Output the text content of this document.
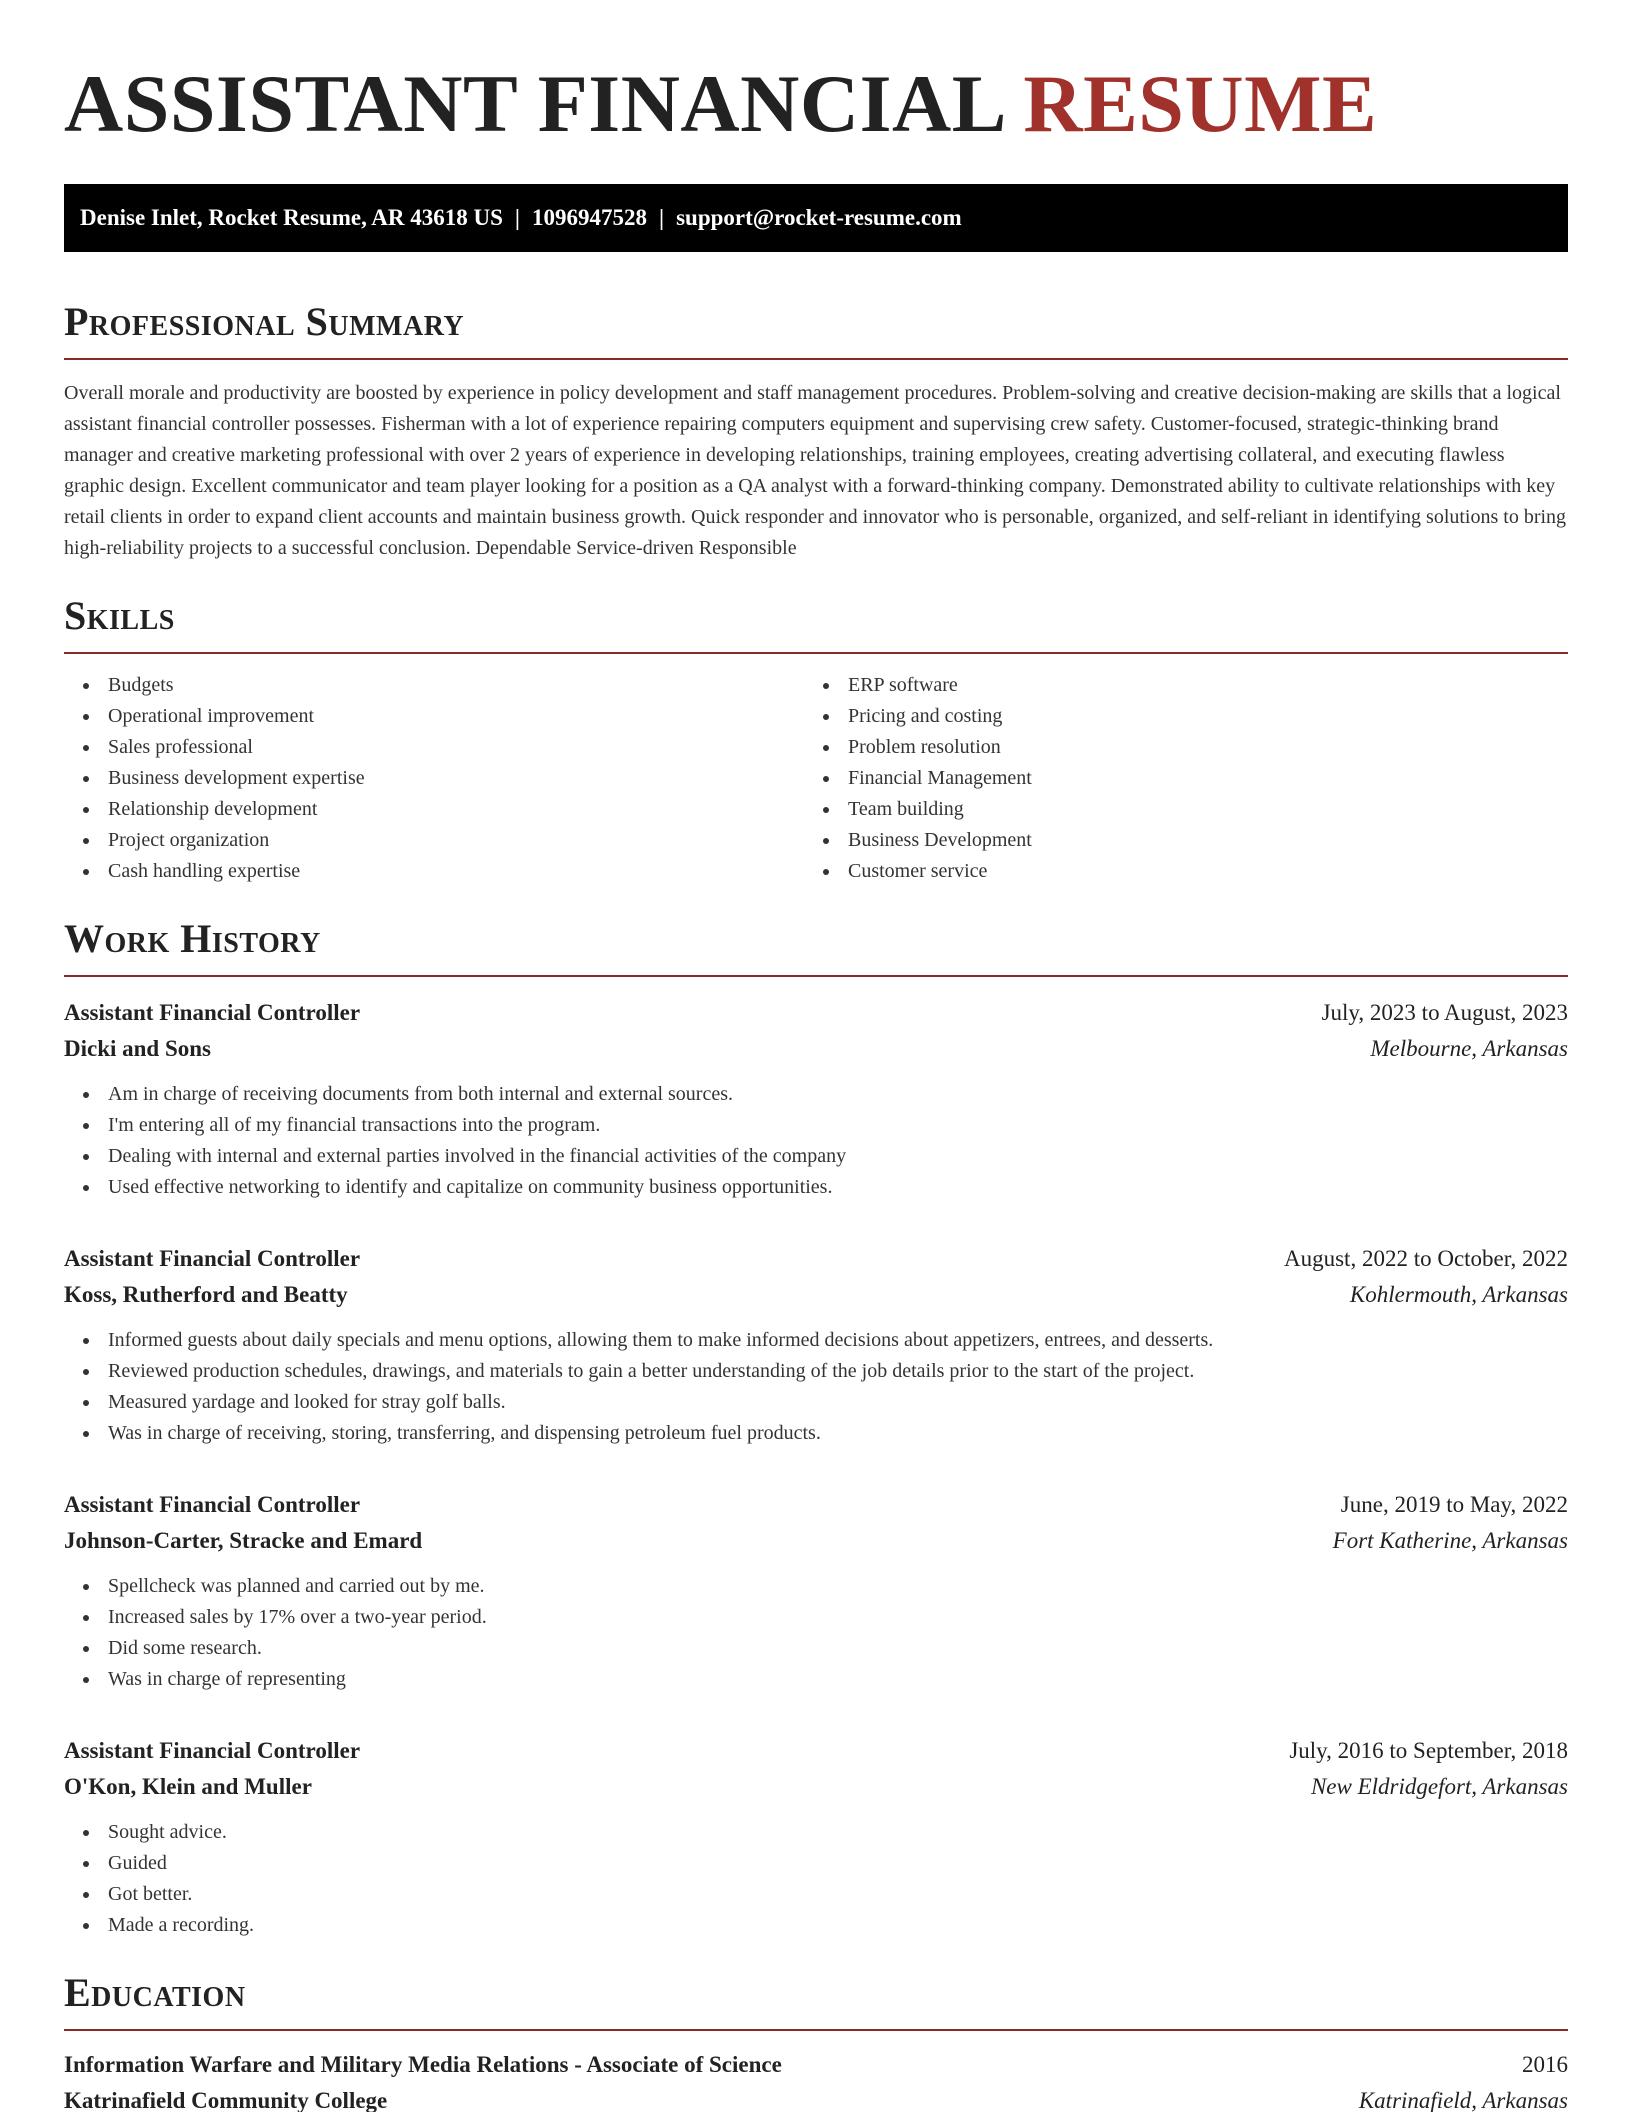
ASSISTANT FINANCIAL RESUME
Denise Inlet, Rocket Resume, AR 43618 US | 1096947528 | support@rocket-resume.com
Professional Summary

Overall morale and productivity are boosted by experience in policy development and staff management procedures. Problem-solving and creative decision-making are skills that a logical assistant financial controller possesses. Fisherman with a lot of experience repairing computers equipment and supervising crew safety. Customer-focused, strategic-thinking brand manager and creative marketing professional with over 2 years of experience in developing relationships, training employees, creating advertising collateral, and executing flawless graphic design. Excellent communicator and team player looking for a position as a QA analyst with a forward-thinking company. Demonstrated ability to cultivate relationships with key retail clients in order to expand client accounts and maintain business growth. Quick responder and innovator who is personable, organized, and self-reliant in identifying solutions to bring high-reliability projects to a successful conclusion. Dependable Service-driven Responsible

Skills
Budgets
Operational improvement
Sales professional
Business development expertise
Relationship development
Project organization
Cash handling expertise
ERP software
Pricing and costing
Problem resolution
Financial Management
Team building
Business Development
Customer service
Work History
Assistant Financial Controller	July, 2023 to August, 2023
Dicki and Sons	Melbourne, Arkansas
Am in charge of receiving documents from both internal and external sources.
I'm entering all of my financial transactions into the program.
Dealing with internal and external parties involved in the financial activities of the company
Used effective networking to identify and capitalize on community business opportunities.
Assistant Financial Controller	August, 2022 to October, 2022
Koss, Rutherford and Beatty	Kohlermouth, Arkansas
Informed guests about daily specials and menu options, allowing them to make informed decisions about appetizers, entrees, and desserts.
Reviewed production schedules, drawings, and materials to gain a better understanding of the job details prior to the start of the project.
Measured yardage and looked for stray golf balls.
Was in charge of receiving, storing, transferring, and dispensing petroleum fuel products.
Assistant Financial Controller	June, 2019 to May, 2022
Johnson-Carter, Stracke and Emard	Fort Katherine, Arkansas
Spellcheck was planned and carried out by me.
Increased sales by 17% over a two-year period.
Did some research.
Was in charge of representing
Assistant Financial Controller	July, 2016 to September, 2018
O'Kon, Klein and Muller	New Eldridgefort, Arkansas
Sought advice.
Guided
Got better.
Made a recording.
Education
Information Warfare and Military Media Relations - Associate of Science	2016
Katrinafield Community College	Katrinafield, Arkansas
